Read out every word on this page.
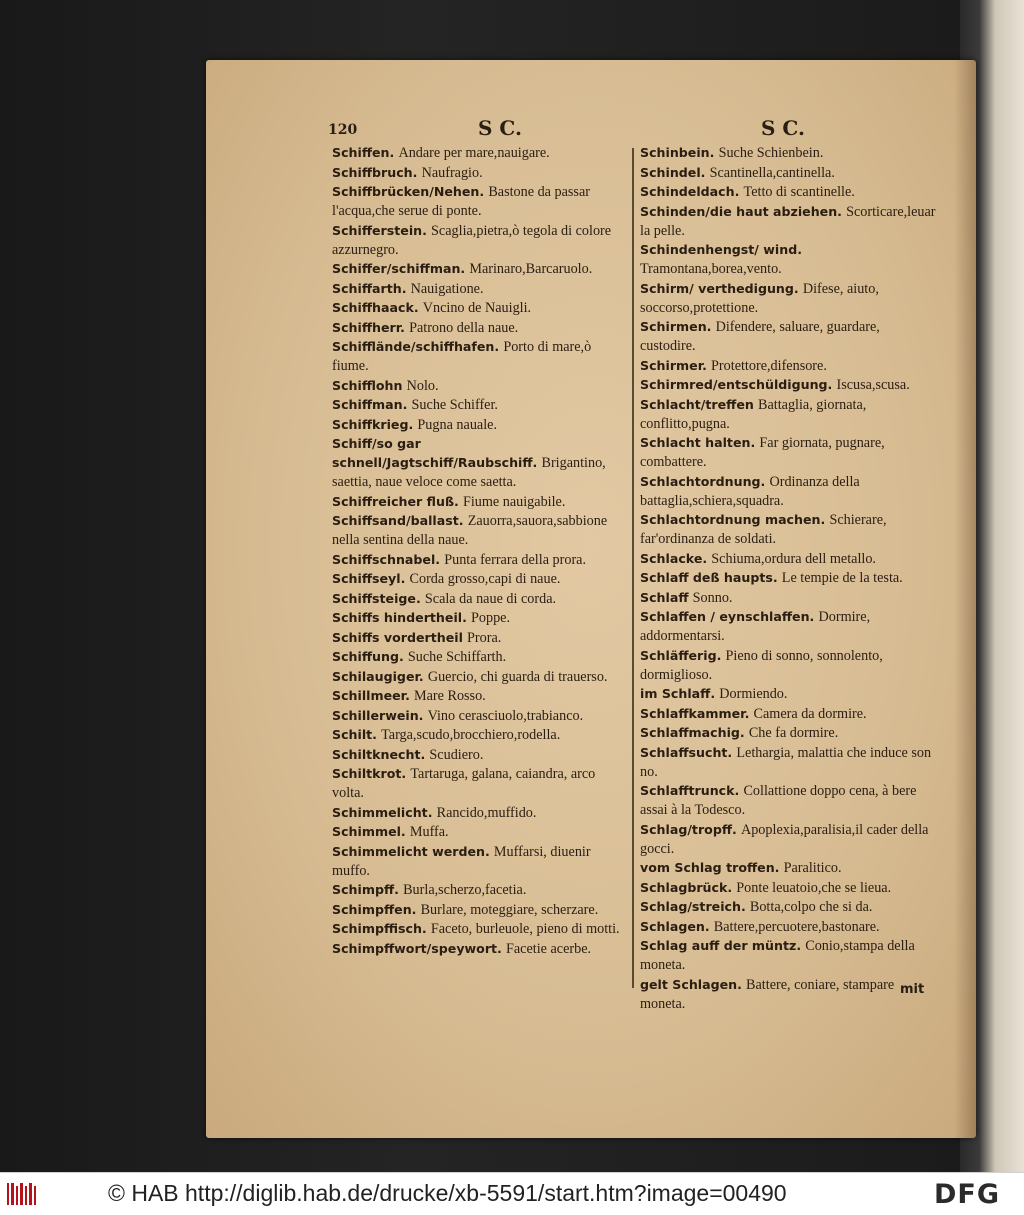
120	S C.	S C.
Schiffen. Andare per mare,nauigare.
Schiffbruch. Naufragio.
Schiffbrücken/Nehen. Bastone da passar l'acqua,che serue di ponte.
Schifferstein. Scaglia,pietra,ò tegola di colore azzurnegro.
Schiffer/schiffman. Marinaro,Barcaruolo.
Schiffarth. Nauigatione.
Schiffhaack. Vncino de Nauigli.
Schiffherr. Patrono della naue.
Schifflände/schiffhafen. Porto di mare,ò fiume.
Schifflohn Nolo.
Schiffman. Suche Schiffer.
Schiffkrieg. Pugna nauale.
Schiff/so gar schnell/Jagtschiff/Raubschiff. Brigantino, saettia, naue veloce come saetta.
Schiffreicher fluß. Fiume nauigabile.
Schiffsand/ballast. Zauorra,sauora,sabbione nella sentina della naue.
Schiffschnabel. Punta ferrara della prora.
Schiffseyl. Corda grosso,capi di naue.
Schiffsteige. Scala da naue di corda.
Schiffs hindertheil. Poppe.
Schiffs vordertheil Prora.
Schiffung. Suche Schiffarth.
Schilaugiger. Guercio, chi guarda di trauerso.
Schillmeer. Mare Rosso.
Schillerwein. Vino cerasciuolo,trabianco.
Schilt. Targa,scudo,brocchiero,rodella.
Schiltknecht. Scudiero.
Schiltkrot. Tartaruga, galana, caiandra, arco volta.
Schimmelicht. Rancido,muffido.
Schimmel. Muffa.
Schimmelicht werden. Muffarsi, diuenir muffo.
Schimpff. Burla,scherzo,facetia.
Schimpffen. Burlare, moteggiare, scherzare.
Schimpffisch. Faceto, burleuole, pieno di motti.
Schimpffwort/speywort. Facetie acerbe.
Schinbein. Suche Schienbein.
Schindel. Scantinella,cantinella.
Schindeldach. Tetto di scantinelle.
Schinden/die haut abziehen. Scorticare,leuar la pelle.
Schindenhengst/ wind. Tramontana,borea,vento.
Schirm/ verthedigung. Difese, aiuto, soccorso,protettione.
Schirmen. Difendere, saluare, guardare, custodire.
Schirmer. Protettore,difensore.
Schirmred/entschüldigung. Iscusa,scusa.
Schlacht/treffen Battaglia, giornata, conflitto,pugna.
Schlacht halten. Far giornata, pugnare, combattere.
Schlachtordnung. Ordinanza della battaglia,schiera,squadra.
Schlachtordnung machen. Schierare, far'ordinanza de soldati.
Schlacke. Schiuma,ordura dell metallo.
Schlaff deß haupts. Le tempie de la testa.
Schlaff Sonno.
Schlaffen / eynschlaffen. Dormire, addormentarsi.
Schläfferig. Pieno di sonno, sonnolento, dormiglioso.
im Schlaff. Dormiendo.
Schlaffkammer. Camera da dormire.
Schlaffmachig. Che fa dormire.
Schlaffsucht. Lethargia, malattia che induce son no.
Schlafftrunck. Collattione doppo cena, à bere assai à la Todesco.
Schlag/tropff. Apoplexia,paralisia,il cader della gocci.
vom Schlag troffen. Paralitico.
Schlagbrück. Ponte leuatoio,che se lieua.
Schlag/streich. Botta,colpo che si da.
Schlagen. Battere,percuotere,bastonare.
Schlag auff der müntz. Conio,stampa della moneta.
gelt Schlagen. Battere, coniare, stampare moneta.
mit
© HAB http://diglib.hab.de/drucke/xb-5591/start.htm?image=00490	DFG
